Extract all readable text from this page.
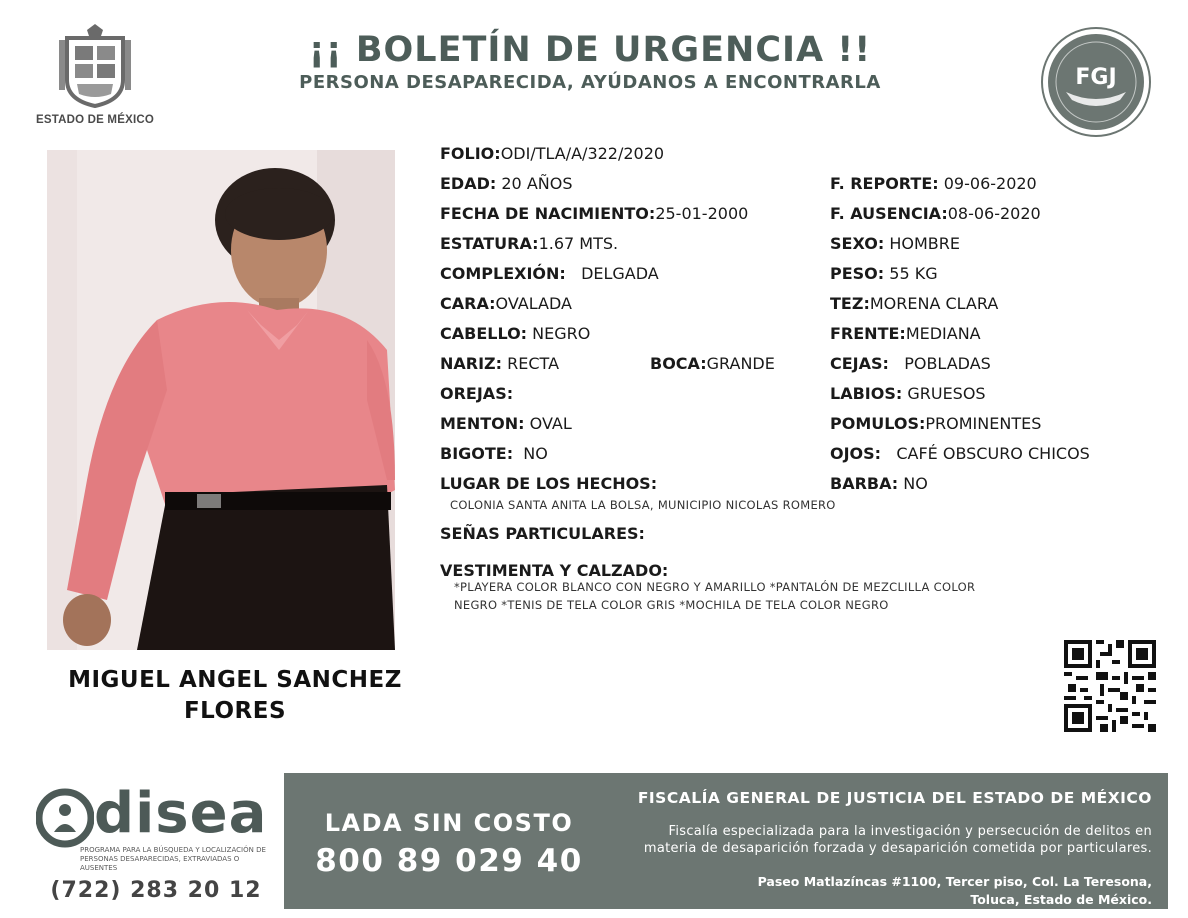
ESTADO DE MÉXICO
¡¡ BOLETÍN DE URGENCIA !!
PERSONA DESAPARECIDA, AYÚDANOS A ENCONTRARLA	FGJ
MIGUEL ANGEL SANCHEZ
FLORES
FOLIO:ODI/TLA/A/322/2020
EDAD: 20 AÑOS	F. REPORTE: 09-06-2020
FECHA DE NACIMIENTO:25-01-2000	F. AUSENCIA:08-06-2020
ESTATURA:1.67 MTS.	SEXO: HOMBRE
COMPLEXIÓN: DELGADA	PESO: 55 KG
CARA:OVALADA	TEZ:MORENA CLARA
CABELLO: NEGRO	FRENTE:MEDIANA
NARIZ: RECTA	BOCA:GRANDE	CEJAS: POBLADAS
OREJAS:	LABIOS: GRUESOS
MENTON: OVAL	POMULOS:PROMINENTES
BIGOTE: NO	OJOS: CAFÉ OBSCURO CHICOS
LUGAR DE LOS HECHOS:	BARBA: NO
COLONIA SANTA ANITA LA BOLSA, MUNICIPIO NICOLAS ROMERO
SEÑAS PARTICULARES:
VESTIMENTA Y CALZADO:
*PLAYERA COLOR BLANCO CON NEGRO Y AMARILLO *PANTALÓN DE MEZCLILLA COLOR
NEGRO *TENIS DE TELA COLOR GRIS *MOCHILA DE TELA COLOR NEGRO
disea
PROGRAMA PARA LA BÚSQUEDA Y LOCALIZACIÓN DE PERSONAS DESAPARECIDAS, EXTRAVIADAS O AUSENTES
(722) 283 20 12
LADA SIN COSTO
800 89 029 40
FISCALÍA GENERAL DE JUSTICIA DEL ESTADO DE MÉXICO
Fiscalía especializada para la investigación y persecución de delitos en
materia de desaparición forzada y desaparición cometida por particulares.
Paseo Matlazíncas #1100, Tercer piso, Col. La Teresona,
Toluca, Estado de México.
